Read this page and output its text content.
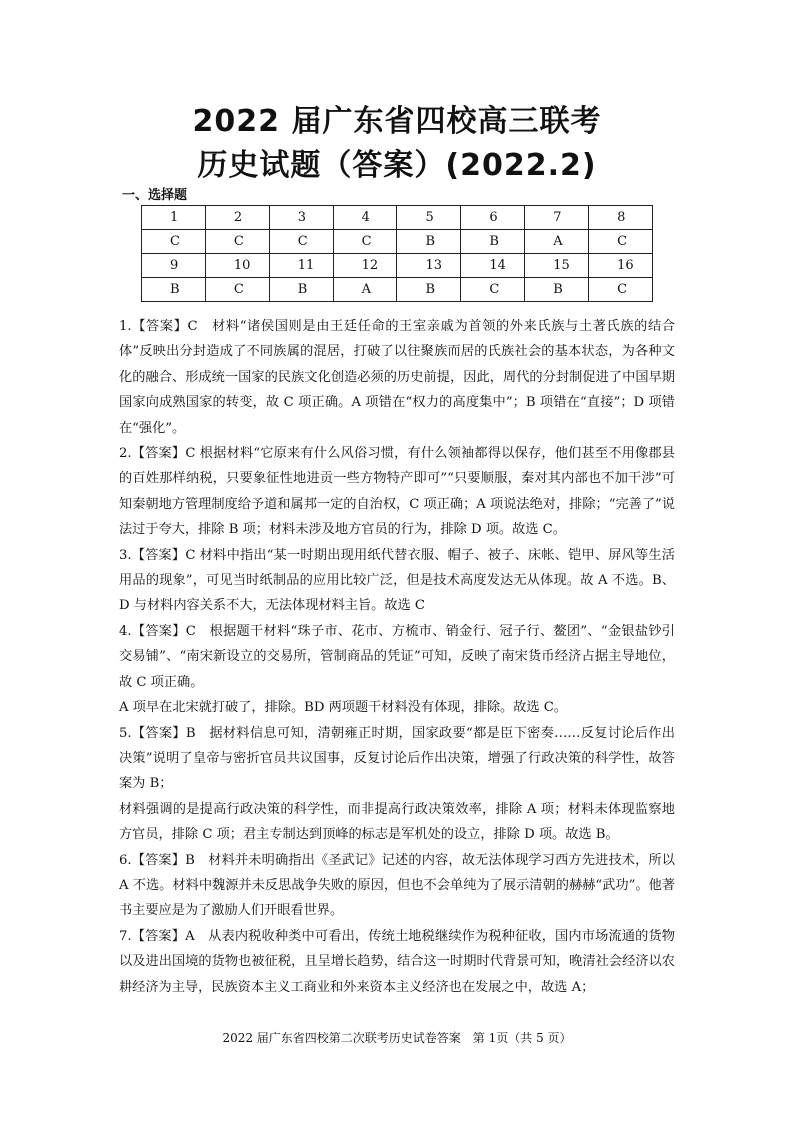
2022 届广东省四校高三联考
历史试题（答案）(2022.2)
一、选择题
1	2	3	4	5	6	7	8
C	C	C	C	B	B	A	C
9	10	11	12	13	14	15	16
B	C	B	A	B	C	B	C

1.【答案】C　材料“诸侯国则是由王廷任命的王室亲戚为首领的外来氏族与土著氏族的结合体”反映出分封造成了不同族属的混居，打破了以往聚族而居的氏族社会的基本状态，为各种文化的融合、形成统一国家的民族文化创造必须的历史前提，因此，周代的分封制促进了中国早期国家向成熟国家的转变，故 C 项正确。A 项错在“权力的高度集中”；B 项错在“直接”；D 项错在“强化”。

2.【答案】C 根据材料“它原来有什么风俗习惯，有什么领袖都得以保存，他们甚至不用像郡县的百姓那样纳税，只要象征性地进贡一些方物特产即可”“只要顺服，秦对其内部也不加干涉”可知秦朝地方管理制度给予道和属邦一定的自治权，C 项正确；A 项说法绝对，排除；“完善了”说法过于夸大，排除 B 项；材料未涉及地方官员的行为，排除 D 项。故选 C。

3.【答案】C 材料中指出“某一时期出现用纸代替衣服、帽子、被子、床帐、铠甲、屏风等生活用品的现象”，可见当时纸制品的应用比较广泛，但是技术高度发达无从体现。故 A 不选。B、D 与材料内容关系不大，无法体现材料主旨。故选 C

4.【答案】C　根据题干材料“珠子市、花市、方梳市、销金行、冠子行、鳌团”、“金银盐钞引交易铺”、“南宋新设立的交易所，管制商品的凭证”可知，反映了南宋货币经济占据主导地位，故 C 项正确。

A 项早在北宋就打破了，排除。BD 两项题干材料没有体现，排除。故选 C。

5.【答案】B　据材料信息可知，清朝雍正时期，国家政要“都是臣下密奏……反复讨论后作出决策”说明了皇帝与密折官员共议国事，反复讨论后作出决策，增强了行政决策的科学性，故答案为 B；

材料强调的是提高行政决策的科学性，而非提高行政决策效率，排除 A 项；材料未体现监察地方官员，排除 C 项；君主专制达到顶峰的标志是军机处的设立，排除 D 项。故选 B。

6.【答案】B　材料并未明确指出《圣武记》记述的内容，故无法体现学习西方先进技术，所以 A 不选。材料中魏源并未反思战争失败的原因，但也不会单纯为了展示清朝的赫赫“武功”。他著书主要应是为了激励人们开眼看世界。

7.【答案】A　从表内税收种类中可看出，传统土地税继续作为税种征收，国内市场流通的货物以及进出国境的货物也被征税，且呈增长趋势，结合这一时期时代背景可知，晚清社会经济以农耕经济为主导，民族资本主义工商业和外来资本主义经济也在发展之中，故选 A；

2022 届广东省四校第二次联考历史试卷答案　第 1页（共 5 页）
